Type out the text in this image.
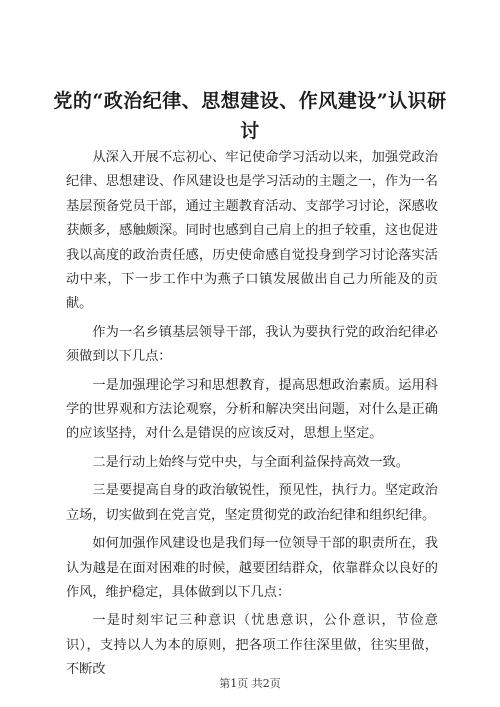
党的“政治纪律、思想建设、作风建设”认识研讨

从深入开展不忘初心、牢记使命学习活动以来，加强党政治纪律、思想建设、作风建设也是学习活动的主题之一，作为一名基层预备党员干部，通过主题教育活动、支部学习讨论，深感收获颇多，感触颇深。同时也感到自己肩上的担子较重，这也促进我以高度的政治责任感，历史使命感自觉投身到学习讨论落实活动中来，下一步工作中为燕子口镇发展做出自己力所能及的贡献。

作为一名乡镇基层领导干部，我认为要执行党的政治纪律必须做到以下几点：

一是加强理论学习和思想教育，提高思想政治素质。运用科学的世界观和方法论观察，分析和解决突出问题，对什么是正确的应该坚持，对什么是错误的应该反对，思想上坚定。

二是行动上始终与党中央，与全面利益保持高效一致。

三是要提高自身的政治敏锐性，预见性，执行力。坚定政治立场，切实做到在党言党，坚定贯彻党的政治纪律和组织纪律。

如何加强作风建设也是我们每一位领导干部的职责所在，我认为越是在面对困难的时候，越要团结群众，依靠群众以良好的作风，维护稳定，具体做到以下几点：

一是时刻牢记三种意识（忧患意识，公仆意识，节俭意识），支持以人为本的原则，把各项工作往深里做，往实里做，不断改

第1页 共2页
